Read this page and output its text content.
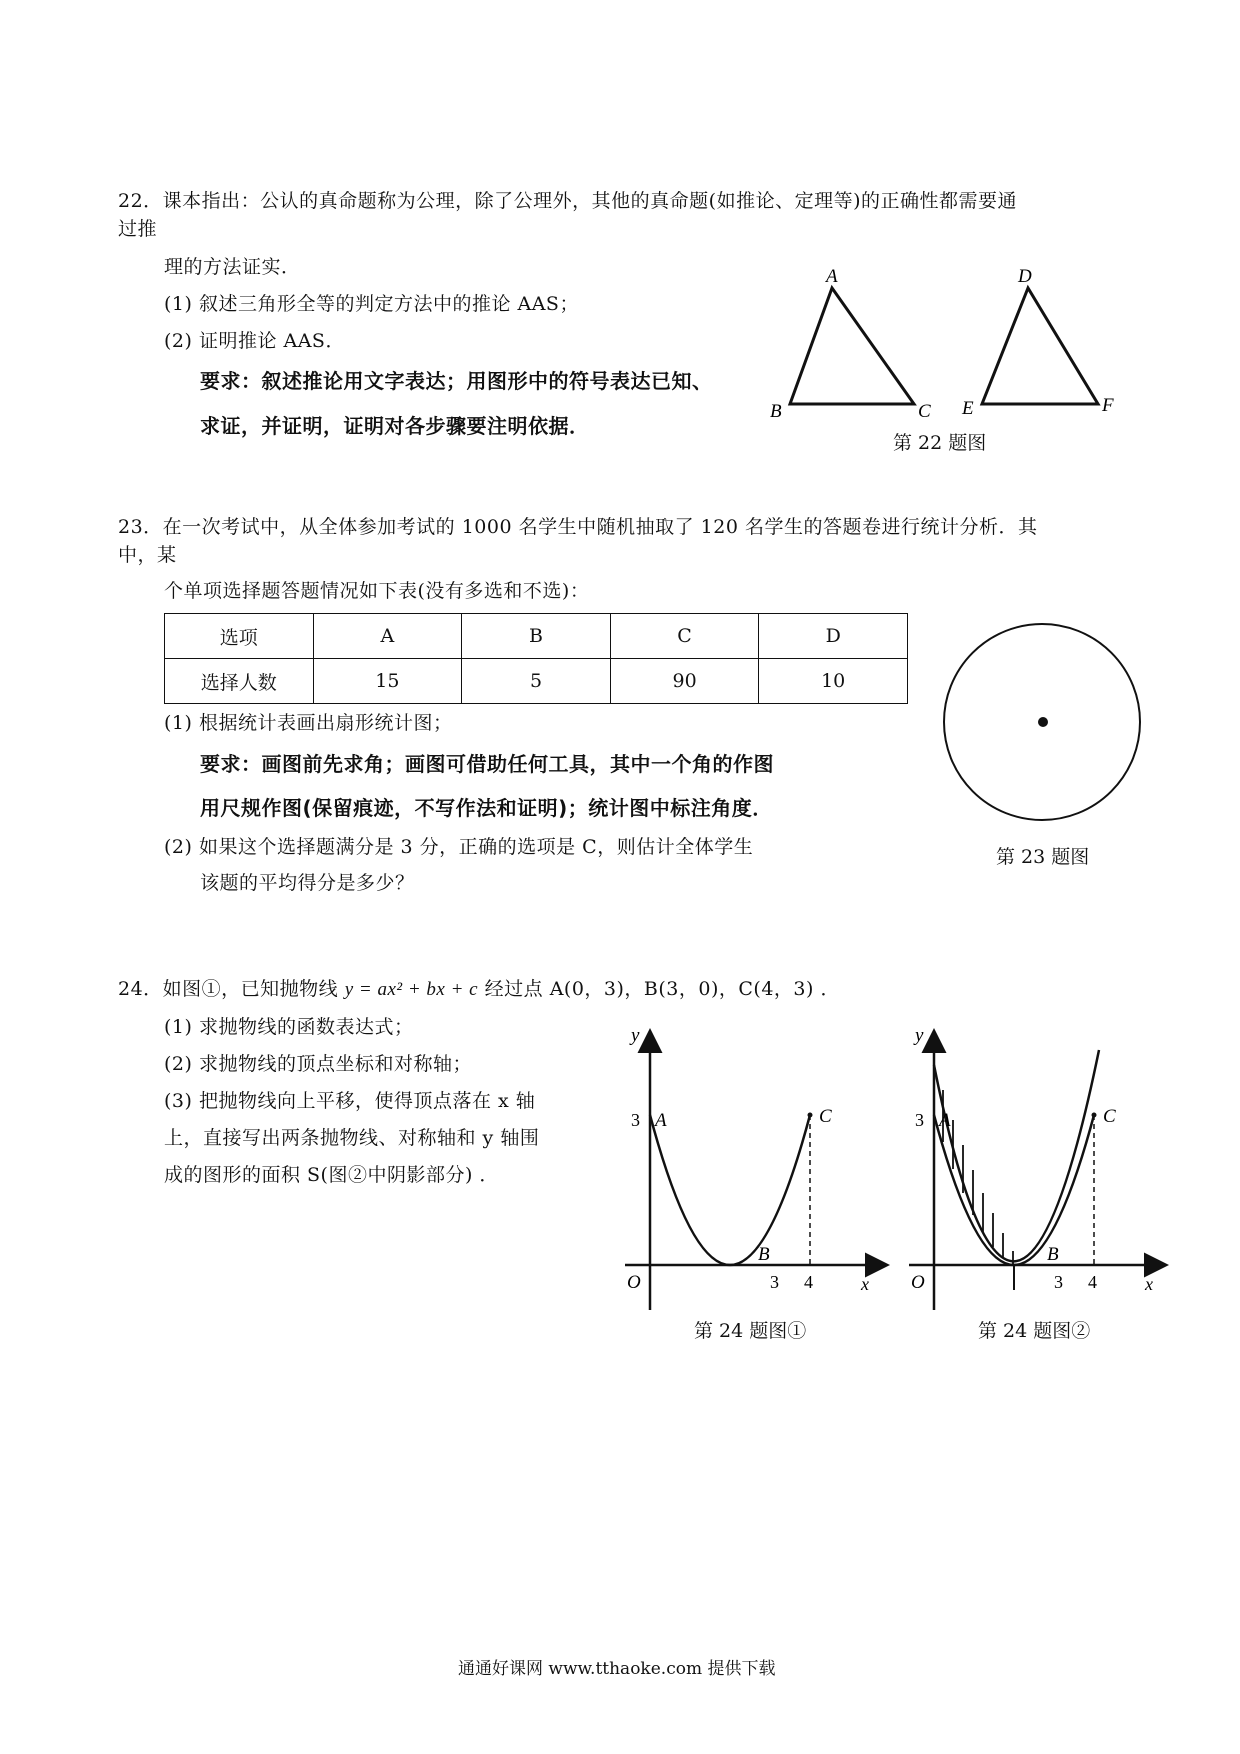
22．课本指出：公认的真命题称为公理，除了公理外，其他的真命题(如推论、定理等)的正确性都需要通
过推
理的方法证实．
(1) 叙述三角形全等的判定方法中的推论 AAS；
(2) 证明推论 AAS．
要求：叙述推论用文字表达；用图形中的符号表达已知、
求证，并证明，证明对各步骤要注明依据．
A
B	C
D
E	F
第 22 题图
23．在一次考试中，从全体参加考试的 1000 名学生中随机抽取了 120 名学生的答题卷进行统计分析．其
中，某
个单项选择题答题情况如下表(没有多选和不选)：
选项	A	B	C	D
选择人数	15	5	90	10
(1) 根据统计表画出扇形统计图；
要求：画图前先求角；画图可借助任何工具，其中一个角的作图
用尺规作图(保留痕迹，不写作法和证明)；统计图中标注角度．
(2) 如果这个选择题满分是 3 分，正确的选项是 C，则估计全体学生
该题的平均得分是多少？
第 23 题图
24．如图①，已知抛物线 y = ax² + bx + c 经过点 A(0，3)，B(3，0)，C(4，3) ．
(1) 求抛物线的函数表达式；
(2) 求抛物线的顶点坐标和对称轴；
(3) 把抛物线向上平移，使得顶点落在 x 轴
上，直接写出两条抛物线、对称轴和 y 轴围
成的图形的面积 S(图②中阴影部分) ．
y
3 A	C
B
O	3 4	x
第 24 题图①
y
3 A	C
B
O	3 4	x
第 24 题图②
通通好课网 www.tthaoke.com 提供下载
